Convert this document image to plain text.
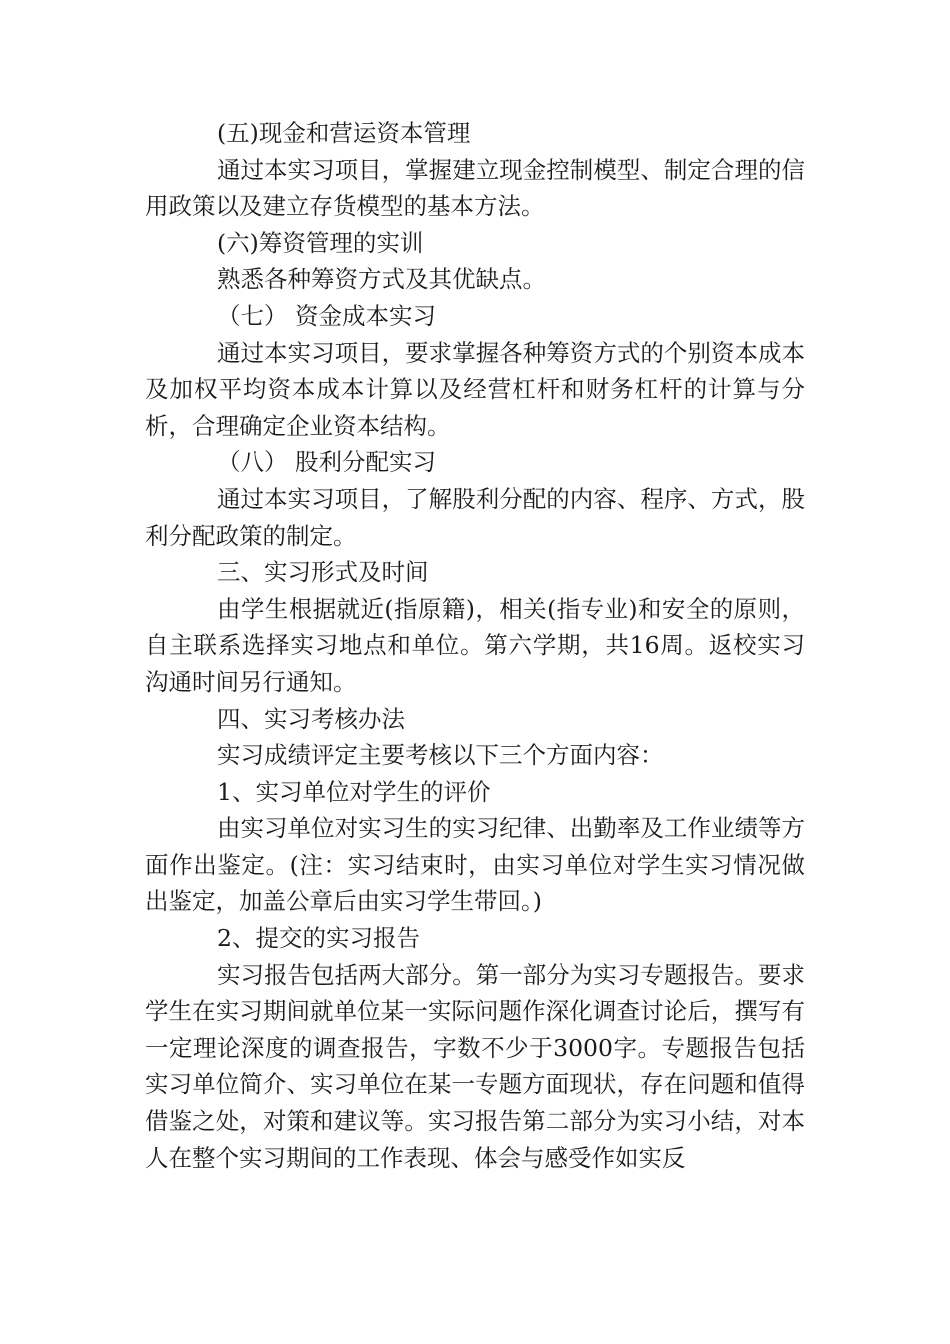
(五)现金和营运资本管理

通过本实习项目，掌握建立现金控制模型、制定合理的信用政策以及建立存货模型的基本方法。

(六)筹资管理的实训

熟悉各种筹资方式及其优缺点。

（七） 资金成本实习

通过本实习项目，要求掌握各种筹资方式的个别资本成本及加权平均资本成本计算以及经营杠杆和财务杠杆的计算与分析，合理确定企业资本结构。

（八） 股利分配实习

通过本实习项目，了解股利分配的内容、程序、方式，股利分配政策的制定。

三、实习形式及时间

由学生根据就近(指原籍)，相关(指专业)和安全的原则，自主联系选择实习地点和单位。第六学期，共16周。返校实习沟通时间另行通知。

四、实习考核办法

实习成绩评定主要考核以下三个方面内容：

1、实习单位对学生的评价

由实习单位对实习生的实习纪律、出勤率及工作业绩等方面作出鉴定。(注：实习结束时，由实习单位对学生实习情况做出鉴定，加盖公章后由实习学生带回。)

2、提交的实习报告

实习报告包括两大部分。第一部分为实习专题报告。要求学生在实习期间就单位某一实际问题作深化调查讨论后，撰写有一定理论深度的调查报告，字数不少于3000字。专题报告包括实习单位简介、实习单位在某一专题方面现状，存在问题和值得借鉴之处，对策和建议等。实习报告第二部分为实习小结，对本人在整个实习期间的工作表现、体会与感受作如实反
